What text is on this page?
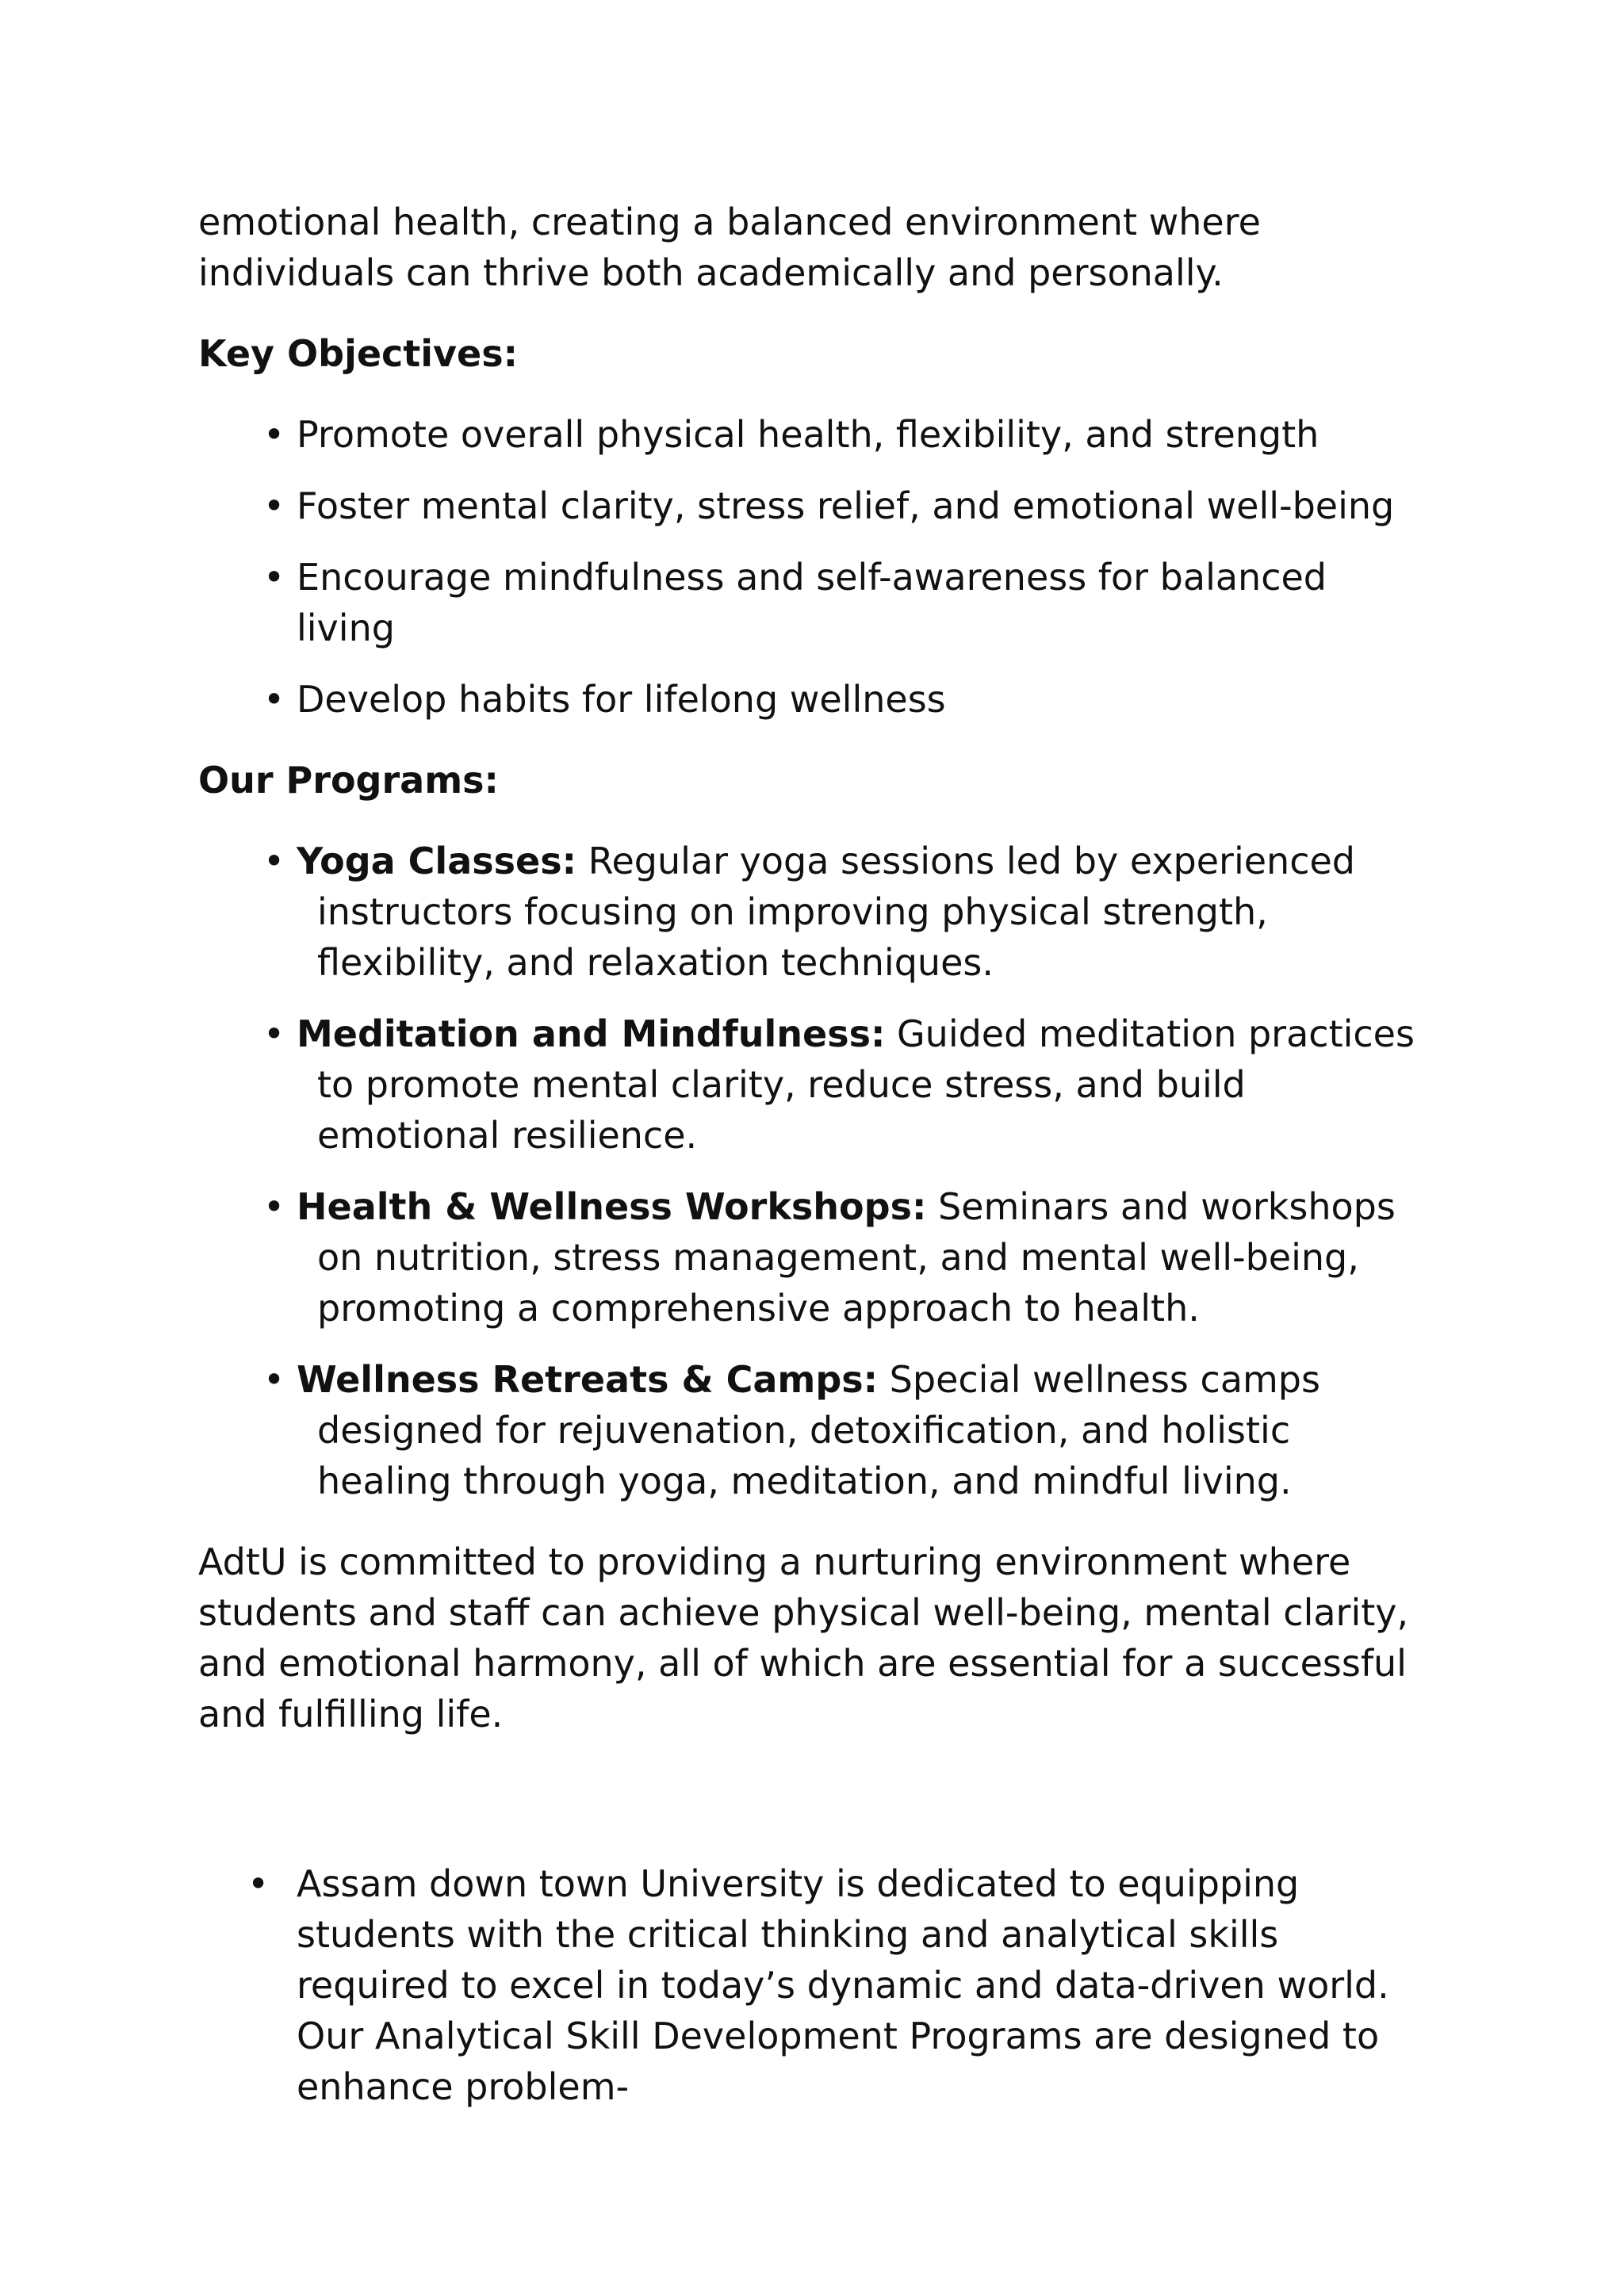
emotional health, creating a balanced environment where individuals can thrive both academically and personally.

Key Objectives:

• Promote overall physical health, flexibility, and strength
• Foster mental clarity, stress relief, and emotional well-being
• Encourage mindfulness and self-awareness for balanced living
• Develop habits for lifelong wellness

Our Programs:

• Yoga Classes: Regular yoga sessions led by experienced instructors focusing on improving physical strength, flexibility, and relaxation techniques.
• Meditation and Mindfulness: Guided meditation practices to promote mental clarity, reduce stress, and build emotional resilience.
• Health & Wellness Workshops: Seminars and workshops on nutrition, stress management, and mental well-being, promoting a comprehensive approach to health.
• Wellness Retreats & Camps: Special wellness camps designed for rejuvenation, detoxification, and holistic healing through yoga, meditation, and mindful living.

AdtU is committed to providing a nurturing environment where students and staff can achieve physical well-being, mental clarity, and emotional harmony, all of which are essential for a successful and fulfilling life.

• Assam down town University is dedicated to equipping students with the critical thinking and analytical skills required to excel in today’s dynamic and data-driven world. Our Analytical Skill Development Programs are designed to enhance problem-
